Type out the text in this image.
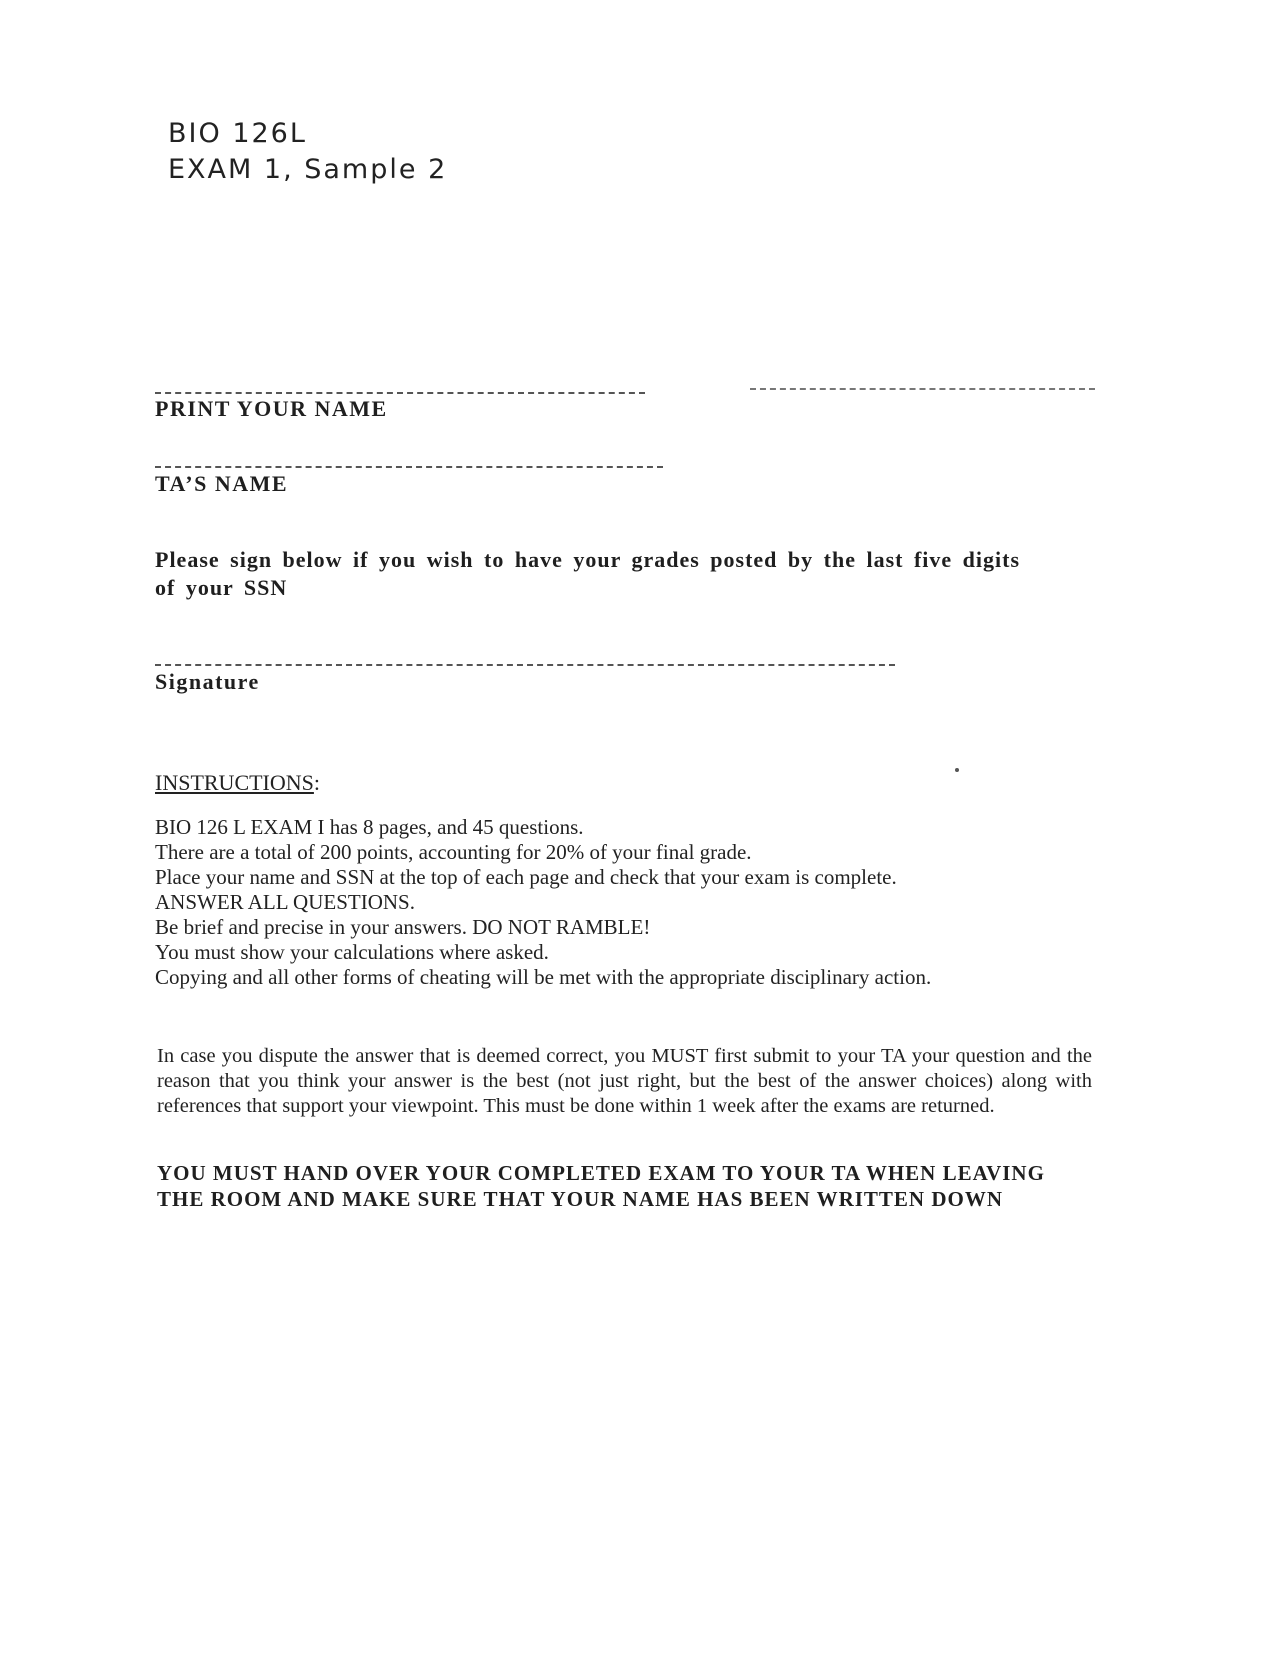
BIO 126L
EXAM 1, Sample 2
PRINT YOUR NAME
TA’S NAME
Please sign below if you wish to have your grades posted by the last five digits of your SSN
Signature
INSTRUCTIONS:
BIO 126 L EXAM I has 8 pages, and 45 questions.
There are a total of 200 points, accounting for 20% of your final grade.
Place your name and SSN at the top of each page and check that your exam is complete.
ANSWER ALL QUESTIONS.
Be brief and precise in your answers. DO NOT RAMBLE!
You must show your calculations where asked.
Copying and all other forms of cheating will be met with the appropriate disciplinary action.
In case you dispute the answer that is deemed correct, you MUST first submit to your TA your question and the reason that you think your answer is the best (not just right, but the best of the answer choices) along with references that support your viewpoint. This must be done within 1 week after the exams are returned.
YOU MUST HAND OVER YOUR COMPLETED EXAM TO YOUR TA WHEN LEAVING THE ROOM AND MAKE SURE THAT YOUR NAME HAS BEEN WRITTEN DOWN
